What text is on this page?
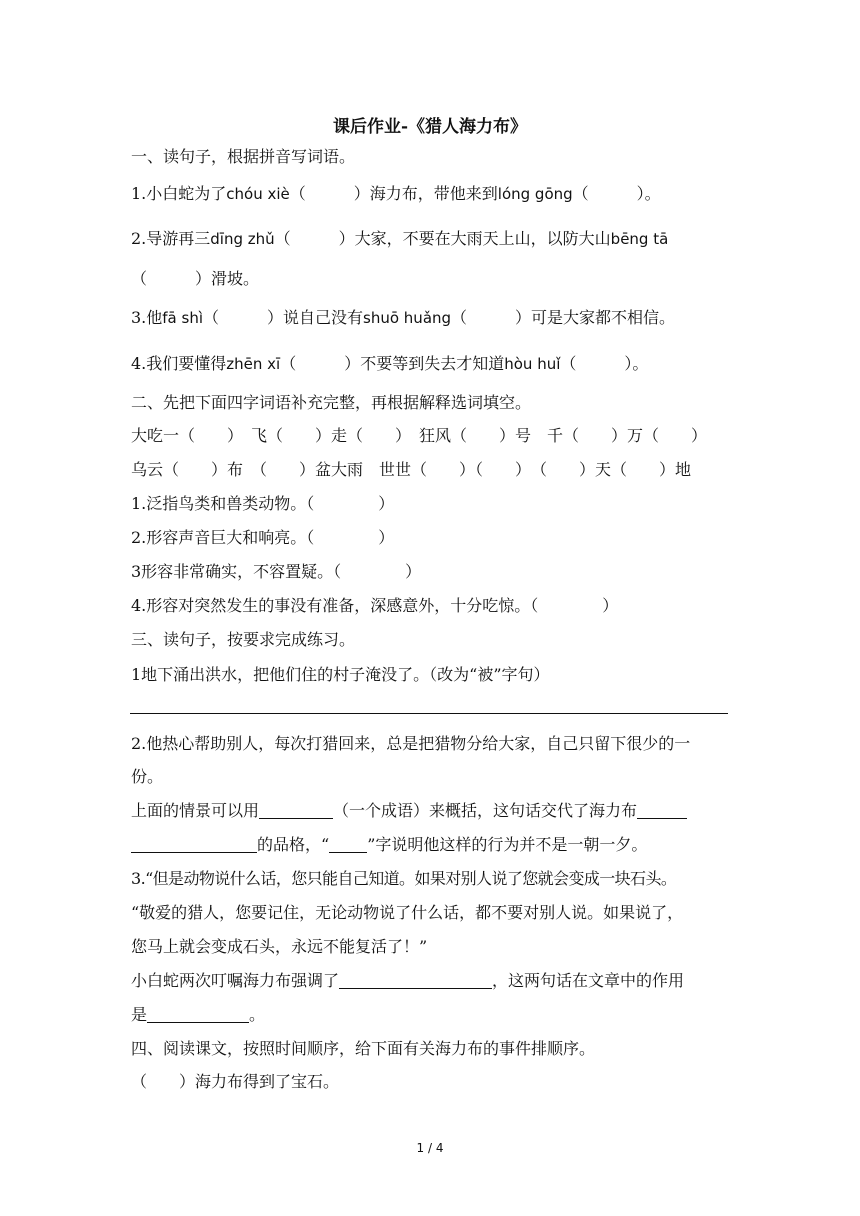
课后作业-《猎人海力布》
一、读句子，根据拼音写词语。
1.小白蛇为了chóu xiè（　　　）海力布，带他来到lóng gōng（　　　）。
2.导游再三dīng zhǔ（　　　）大家，不要在大雨天上山，以防大山bēng tā
（　　　）滑坡。
3.他fā shì（　　　）说自己没有shuō huǎng（　　　）可是大家都不相信。
4.我们要懂得zhēn xī（　　　）不要等到失去才知道hòu huǐ（　　　）。
二、先把下面四字词语补充完整，再根据解释选词填空。
大吃一（　　）　飞（　　）走（　　）　狂风（　　）号　千（　　）万（　　）
乌云（　　）布　（　　）盆大雨　世世（　　）（　　）　（　　）天（　　）地
1.泛指鸟类和兽类动物。（　　　　）
2.形容声音巨大和响亮。（　　　　）
3形容非常确实，不容置疑。（　　　　）
4.形容对突然发生的事没有准备，深感意外，十分吃惊。（　　　　）
三、读句子，按要求完成练习。
1地下涌出洪水，把他们住的村子淹没了。（改为“被”字句）
2.他热心帮助别人，每次打猎回来，总是把猎物分给大家，自己只留下很少的一
份。
上面的情景可以用	（一个成语）来概括，这句话交代了海力布
的品格，“ ”字说明他这样的行为并不是一朝一夕。
3.“但是动物说什么话，您只能自己知道。如果对别人说了您就会变成一块石头。
“敬爱的猎人，您要记住，无论动物说了什么话，都不要对别人说。如果说了，
您马上就会变成石头，永远不能复活了！”
小白蛇两次叮嘱海力布强调了	，这两句话在文章中的作用
是	。
四、阅读课文，按照时间顺序，给下面有关海力布的事件排顺序。
（　　）海力布得到了宝石。
1 / 4
